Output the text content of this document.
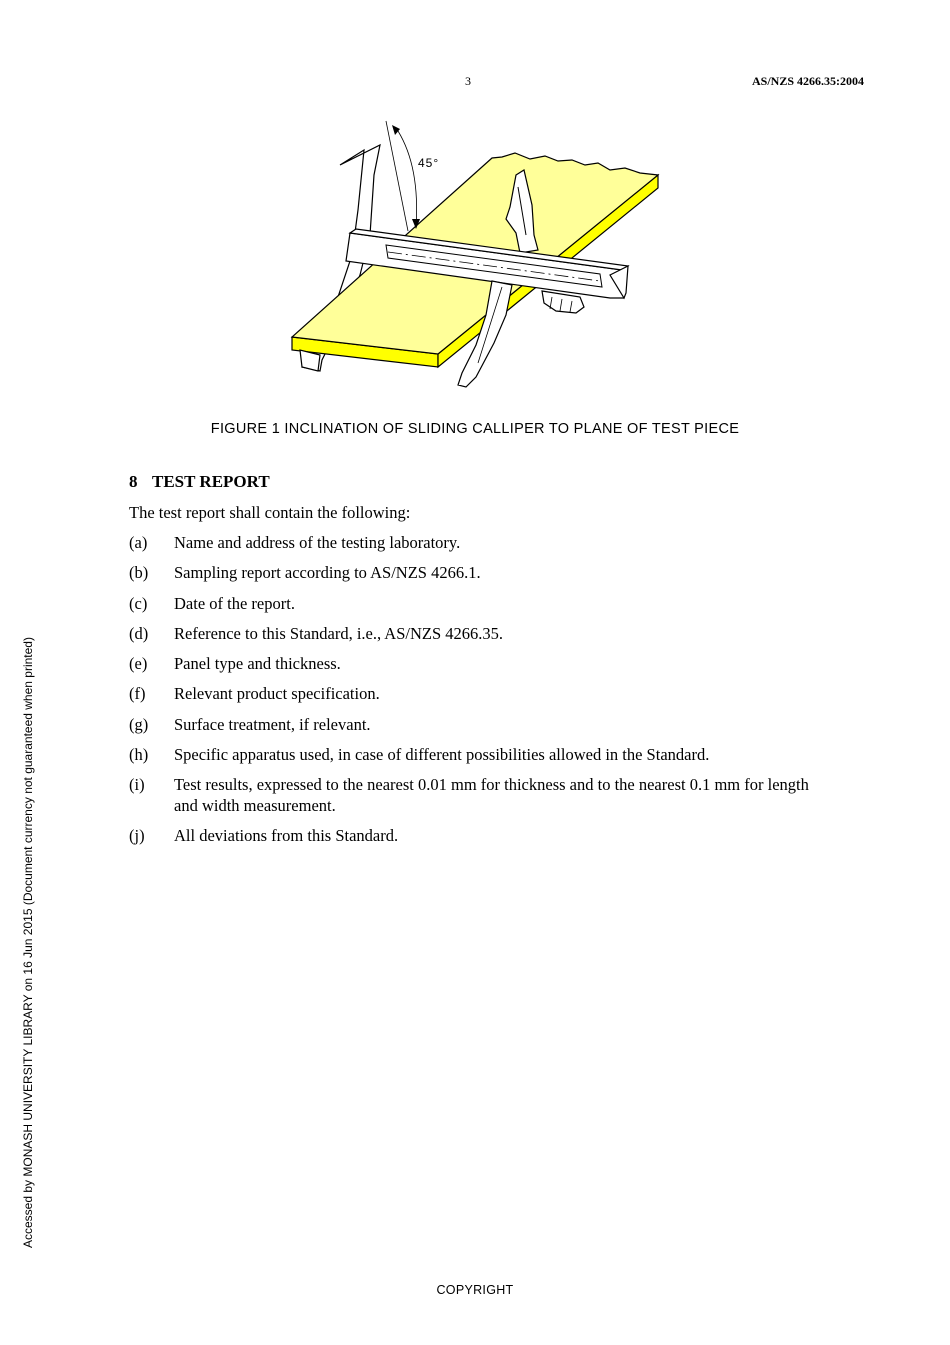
3	AS/NZS 4266.35:2004
45°
FIGURE 1 INCLINATION OF SLIDING CALLIPER TO PLANE OF TEST PIECE
8 TEST REPORT
The test report shall contain the following:
(a) Name and address of the testing laboratory.
(b) Sampling report according to AS/NZS 4266.1.
(c) Date of the report.
(d) Reference to this Standard, i.e., AS/NZS 4266.35.
(e) Panel type and thickness.
(f) Relevant product specification.
(g) Surface treatment, if relevant.
(h) Specific apparatus used, in case of different possibilities allowed in the Standard.
(i) Test results, expressed to the nearest 0.01 mm for thickness and to the nearest 0.1 mm for length and width measurement.
(j) All deviations from this Standard.
Accessed by MONASH UNIVERSITY LIBRARY on 16 Jun 2015 (Document currency not guaranteed when printed)
COPYRIGHT
